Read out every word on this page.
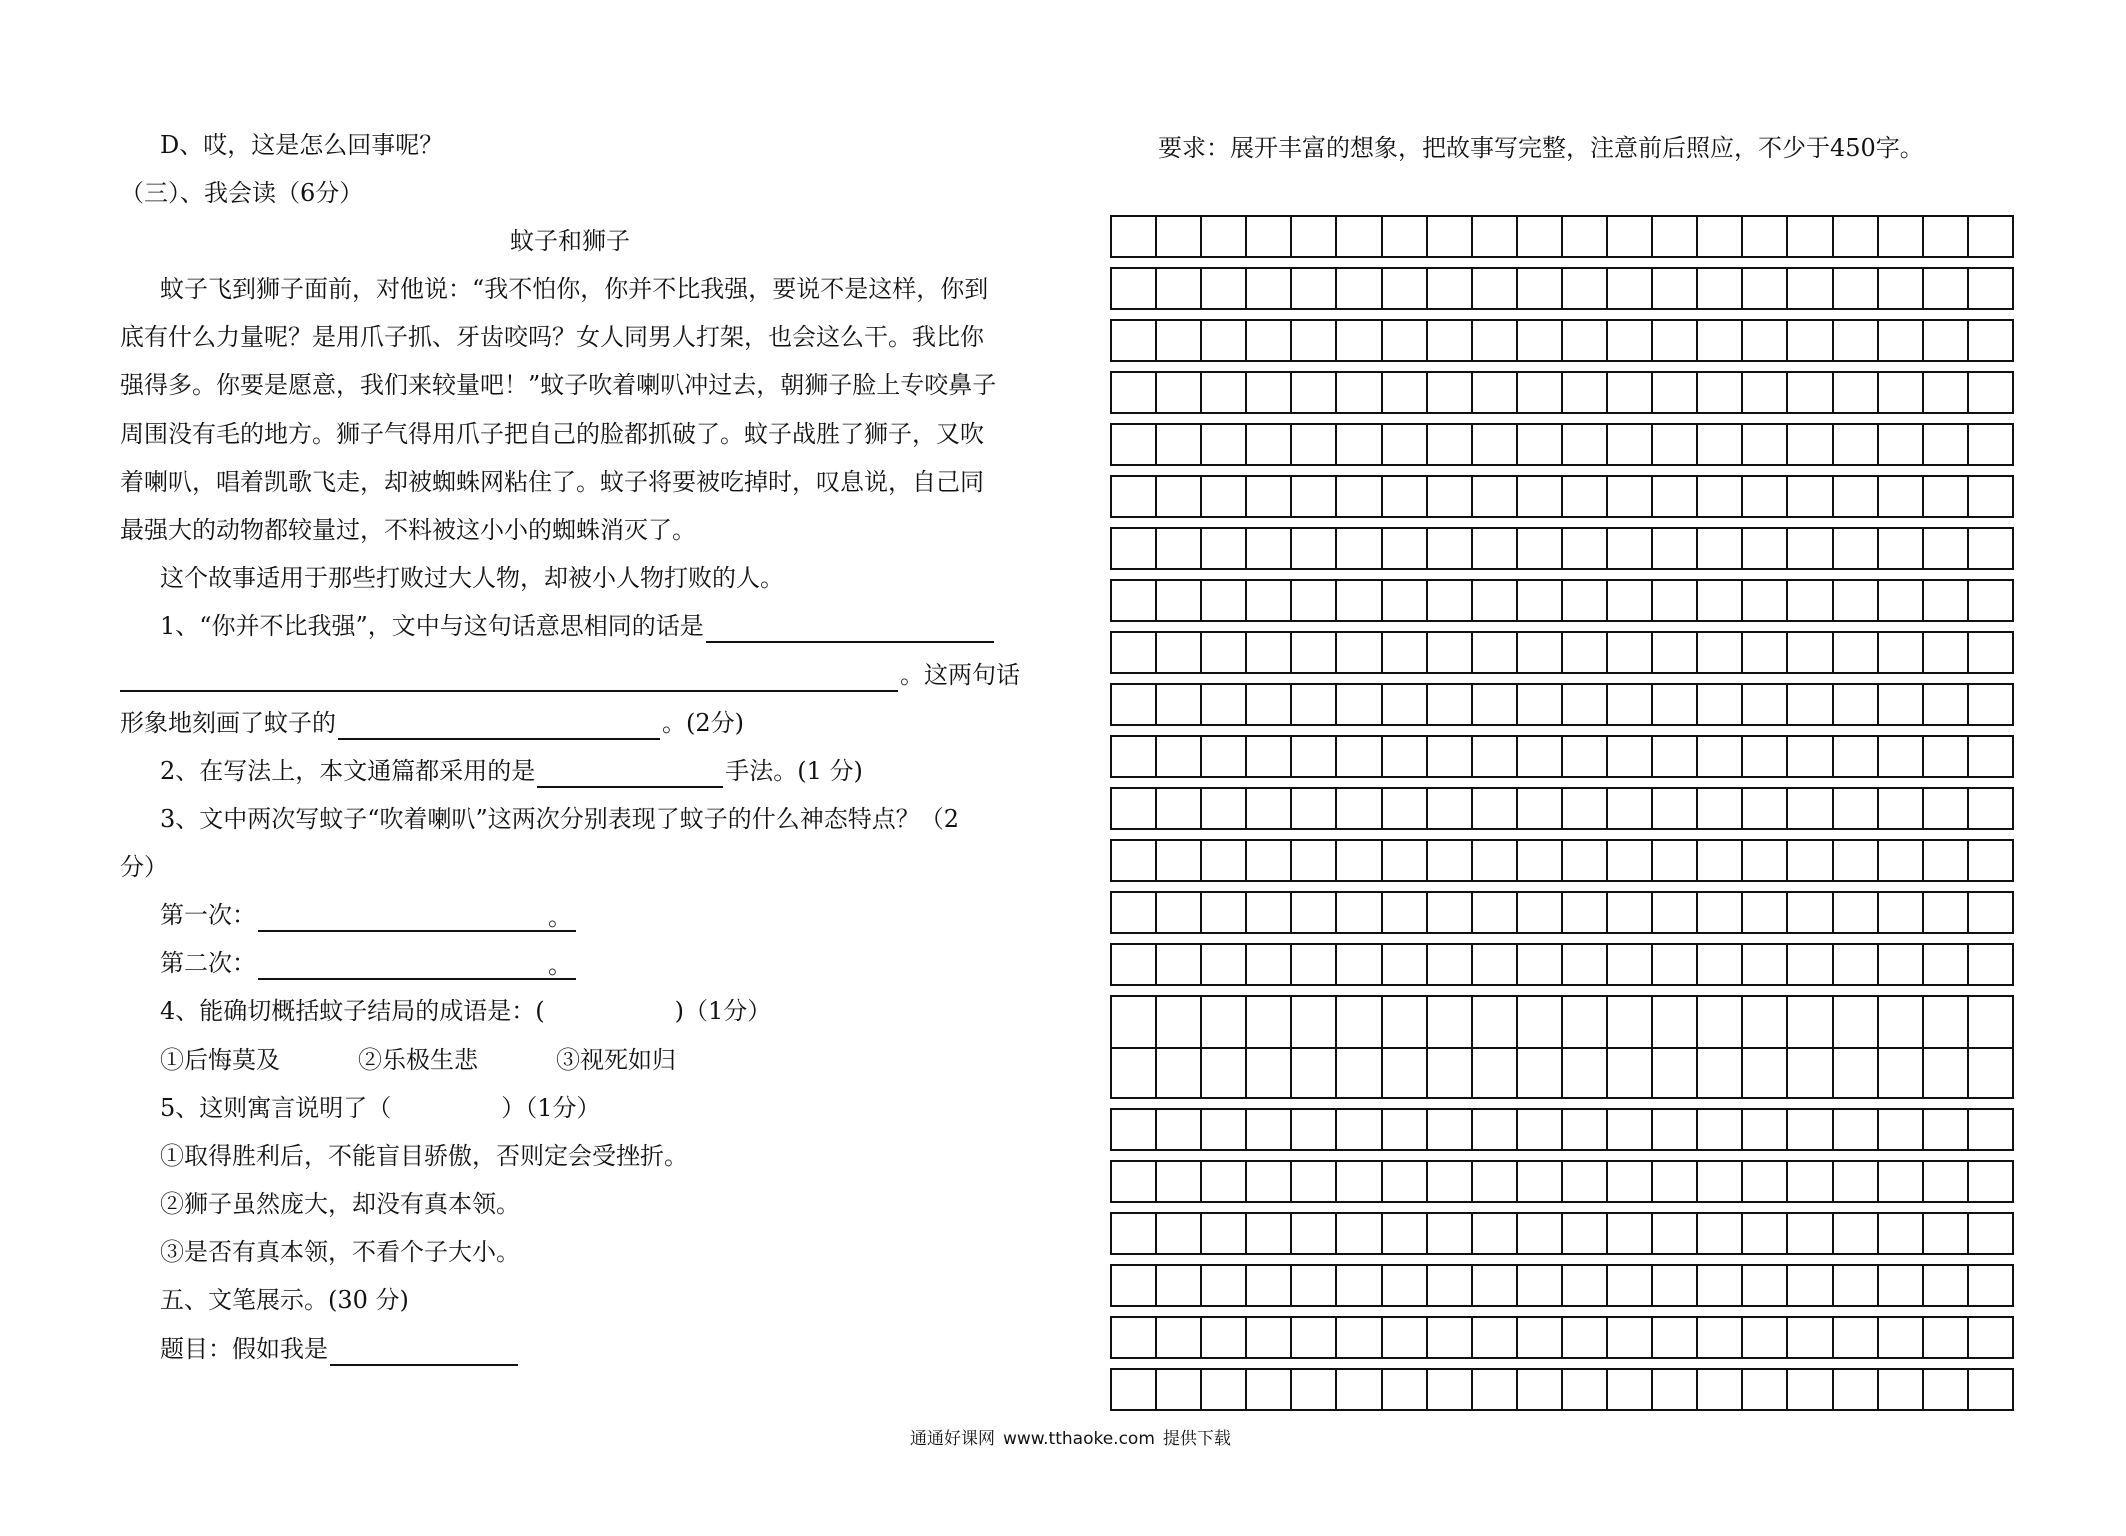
D、哎，这是怎么回事呢？
（三）、我会读（6分）
蚊子和狮子
蚊子飞到狮子面前，对他说：“我不怕你，你并不比我强，要说不是这样，你到
底有什么力量呢？是用爪子抓、牙齿咬吗？女人同男人打架，也会这么干。我比你
强得多。你要是愿意，我们来较量吧！”蚊子吹着喇叭冲过去，朝狮子脸上专咬鼻子
周围没有毛的地方。狮子气得用爪子把自己的脸都抓破了。蚊子战胜了狮子，又吹
着喇叭，唱着凯歌飞走，却被蜘蛛网粘住了。蚊子将要被吃掉时，叹息说，自己同
最强大的动物都较量过，不料被这小小的蜘蛛消灭了。
这个故事适用于那些打败过大人物，却被小人物打败的人。
1、“你并不比我强”，文中与这句话意思相同的话是
。这两句话
形象地刻画了蚊子的	。(2分)
2、在写法上，本文通篇都采用的是	手法。(1 分)
3、文中两次写蚊子“吹着喇叭”这两次分别表现了蚊子的什么神态特点？（2
分）
第一次：	。
第二次：	。
4、能确切概括蚊子结局的成语是：(	)（1分）
①后悔莫及	②乐极生悲	③视死如归
5、这则寓言说明了（	）（1分）
①取得胜利后，不能盲目骄傲，否则定会受挫折。
②狮子虽然庞大，却没有真本领。
③是否有真本领，不看个子大小。
五、文笔展示。(30 分)
题目：假如我是
要求：展开丰富的想象，把故事写完整，注意前后照应，不少于450字。
通通好课网 www.tthaoke.com 提供下载
